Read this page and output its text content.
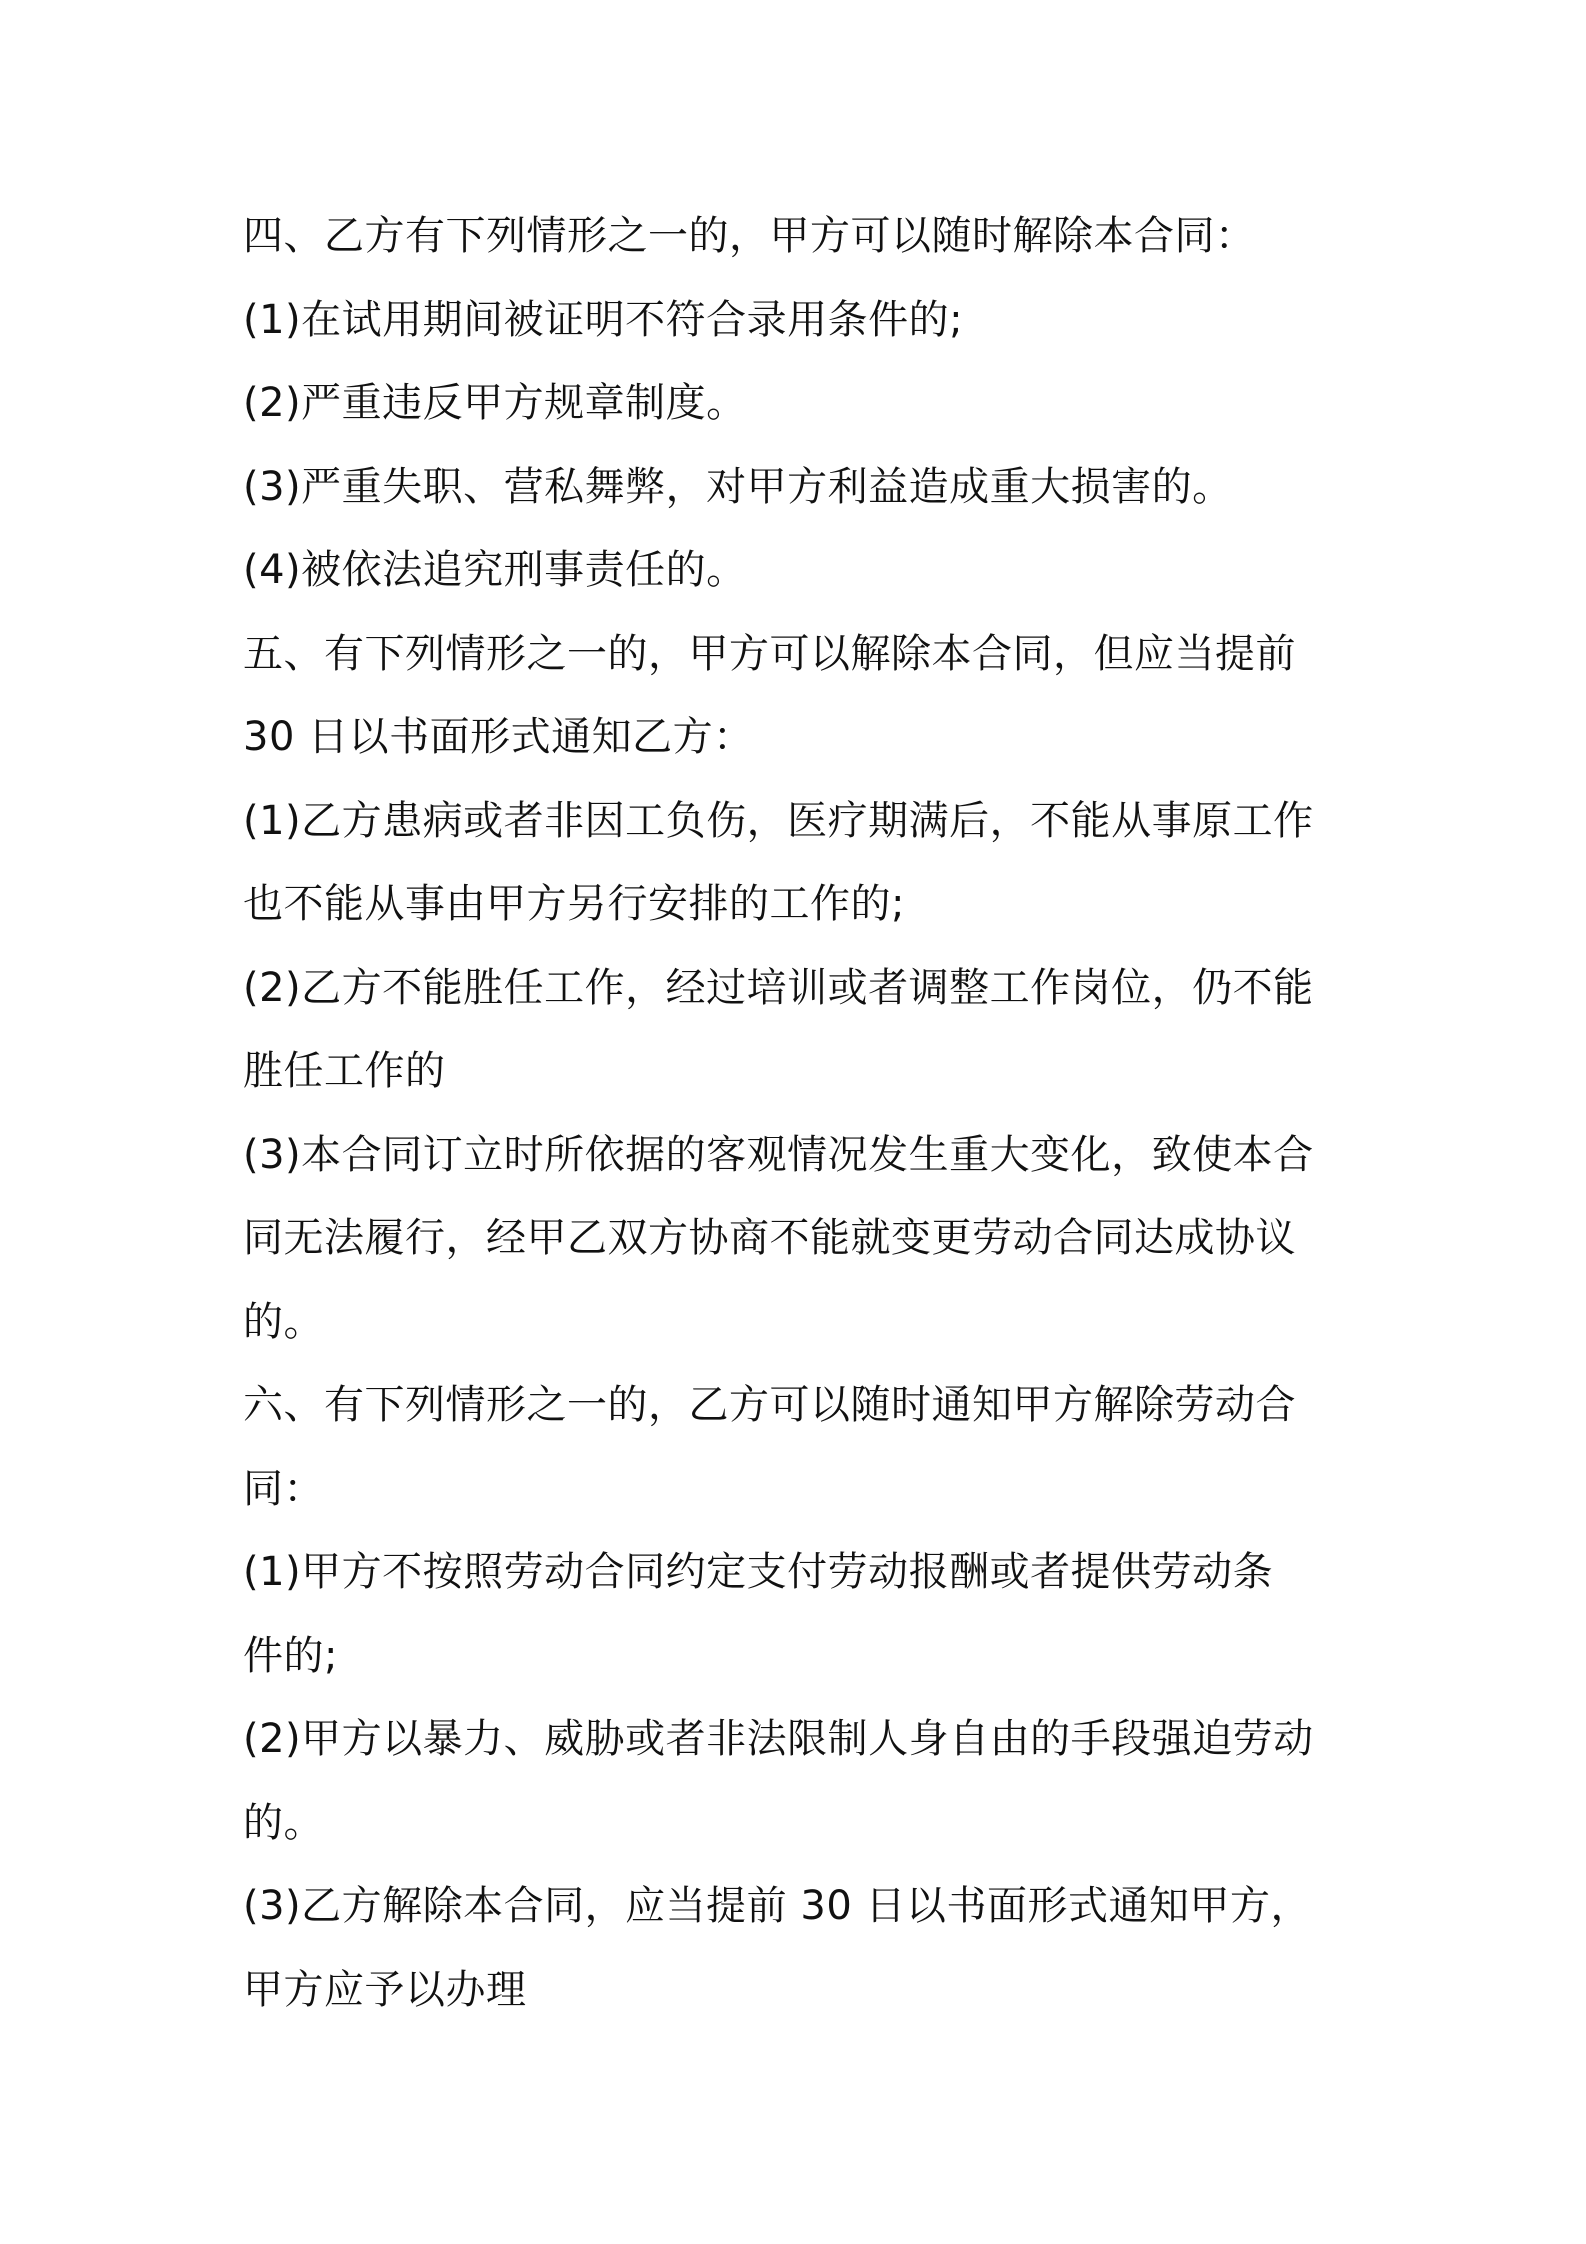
四、乙方有下列情形之一的，甲方可以随时解除本合同：

(1)在试用期间被证明不符合录用条件的;

(2)严重违反甲方规章制度。

(3)严重失职、营私舞弊，对甲方利益造成重大损害的。

(4)被依法追究刑事责任的。

五、有下列情形之一的，甲方可以解除本合同，但应当提前
30 日以书面形式通知乙方：

(1)乙方患病或者非因工负伤，医疗期满后，不能从事原工作
也不能从事由甲方另行安排的工作的;

(2)乙方不能胜任工作，经过培训或者调整工作岗位，仍不能
胜任工作的

(3)本合同订立时所依据的客观情况发生重大变化，致使本合
同无法履行，经甲乙双方协商不能就变更劳动合同达成协议
的。

六、有下列情形之一的，乙方可以随时通知甲方解除劳动合
同：

(1)甲方不按照劳动合同约定支付劳动报酬或者提供劳动条
件的;

(2)甲方以暴力、威胁或者非法限制人身自由的手段强迫劳动
的。

(3)乙方解除本合同，应当提前 30 日以书面形式通知甲方，
甲方应予以办理
